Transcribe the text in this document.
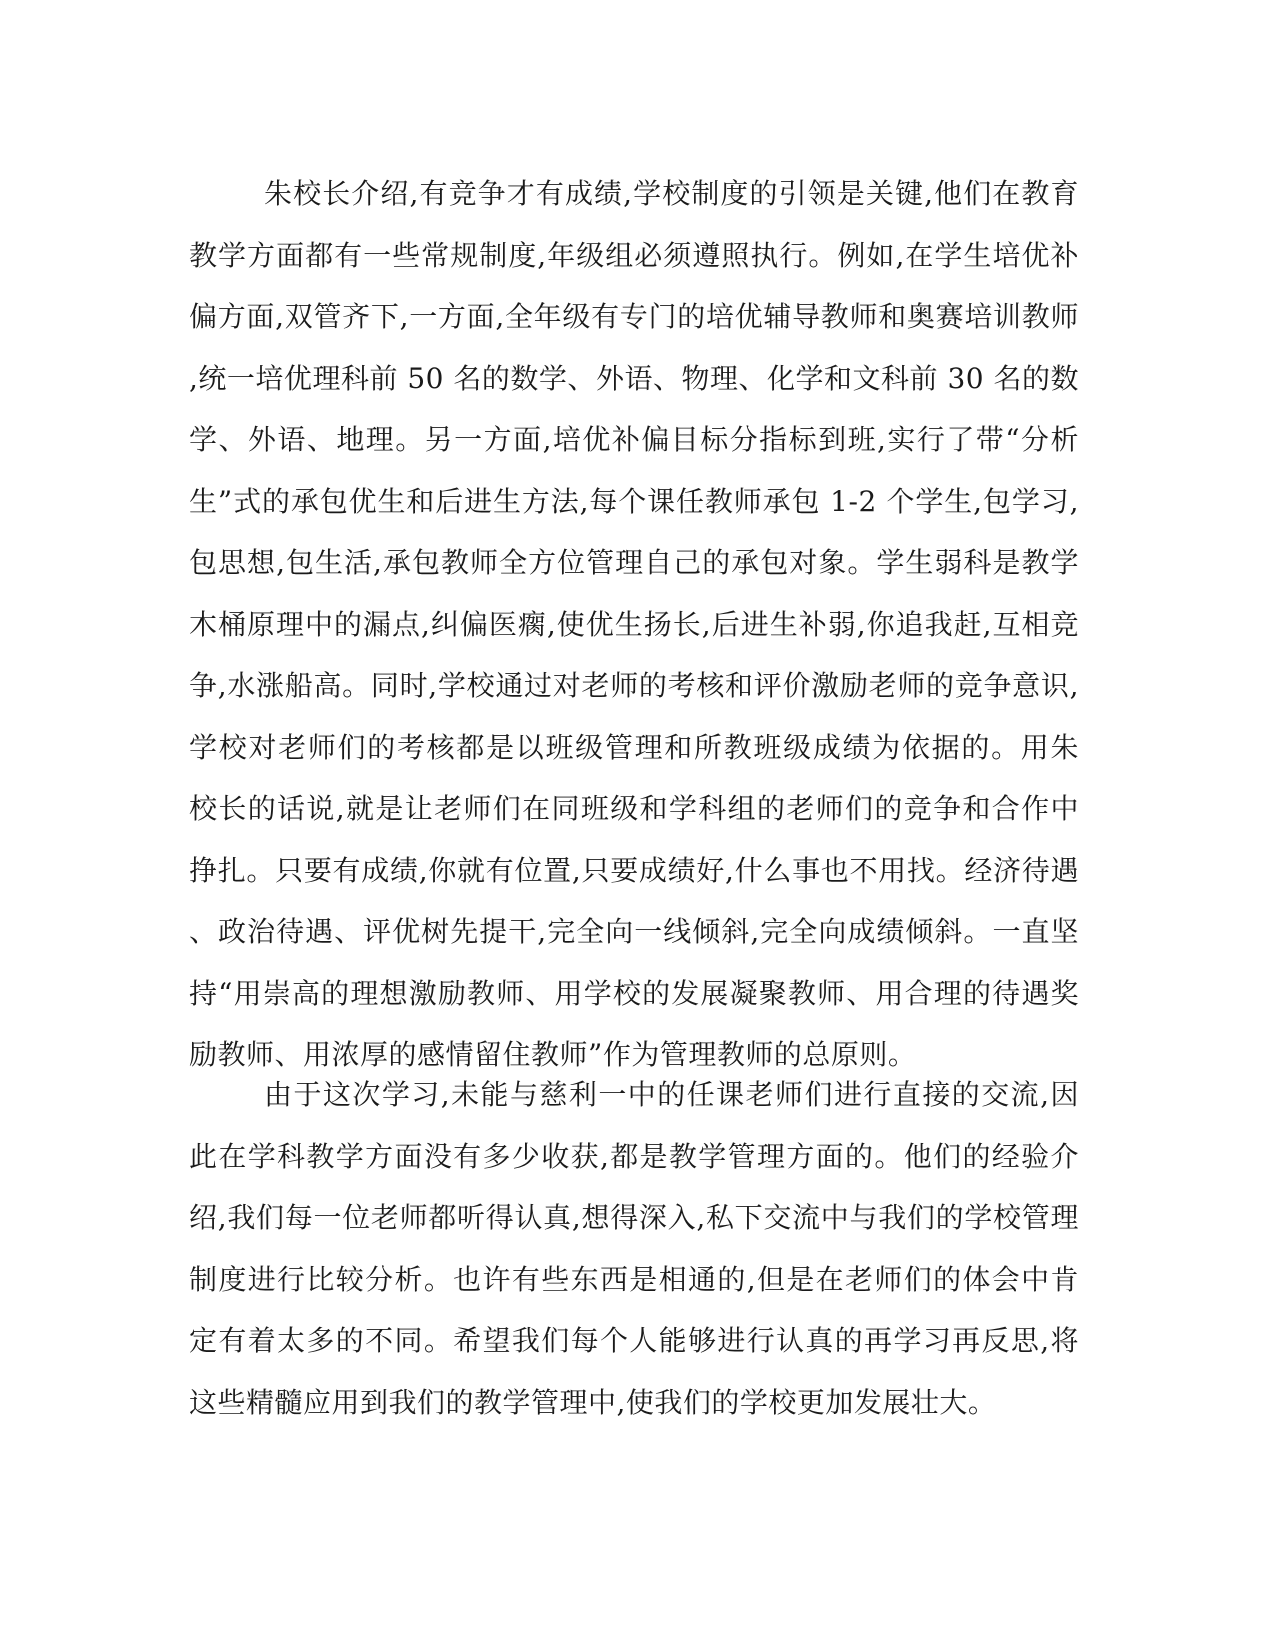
朱校长介绍,有竞争才有成绩,学校制度的引领是关键,他们在教育
教学方面都有一些常规制度,年级组必须遵照执行。例如,在学生培优补
偏方面,双管齐下,一方面,全年级有专门的培优辅导教师和奥赛培训教师
,统一培优理科前 50 名的数学、外语、物理、化学和文科前 30 名的数
学、外语、地理。另一方面,培优补偏目标分指标到班,实行了带“分析
生”式的承包优生和后进生方法,每个课任教师承包 1-2 个学生,包学习,
包思想,包生活,承包教师全方位管理自己的承包对象。学生弱科是教学
木桶原理中的漏点,纠偏医瘸,使优生扬长,后进生补弱,你追我赶,互相竞
争,水涨船高。同时,学校通过对老师的考核和评价激励老师的竞争意识,
学校对老师们的考核都是以班级管理和所教班级成绩为依据的。用朱
校长的话说,就是让老师们在同班级和学科组的老师们的竞争和合作中
挣扎。只要有成绩,你就有位置,只要成绩好,什么事也不用找。经济待遇
、政治待遇、评优树先提干,完全向一线倾斜,完全向成绩倾斜。一直坚
持“用崇高的理想激励教师、用学校的发展凝聚教师、用合理的待遇奖
励教师、用浓厚的感情留住教师”作为管理教师的总原则。
由于这次学习,未能与慈利一中的任课老师们进行直接的交流,因
此在学科教学方面没有多少收获,都是教学管理方面的。他们的经验介
绍,我们每一位老师都听得认真,想得深入,私下交流中与我们的学校管理
制度进行比较分析。也许有些东西是相通的,但是在老师们的体会中肯
定有着太多的不同。希望我们每个人能够进行认真的再学习再反思,将
这些精髓应用到我们的教学管理中,使我们的学校更加发展壮大。
